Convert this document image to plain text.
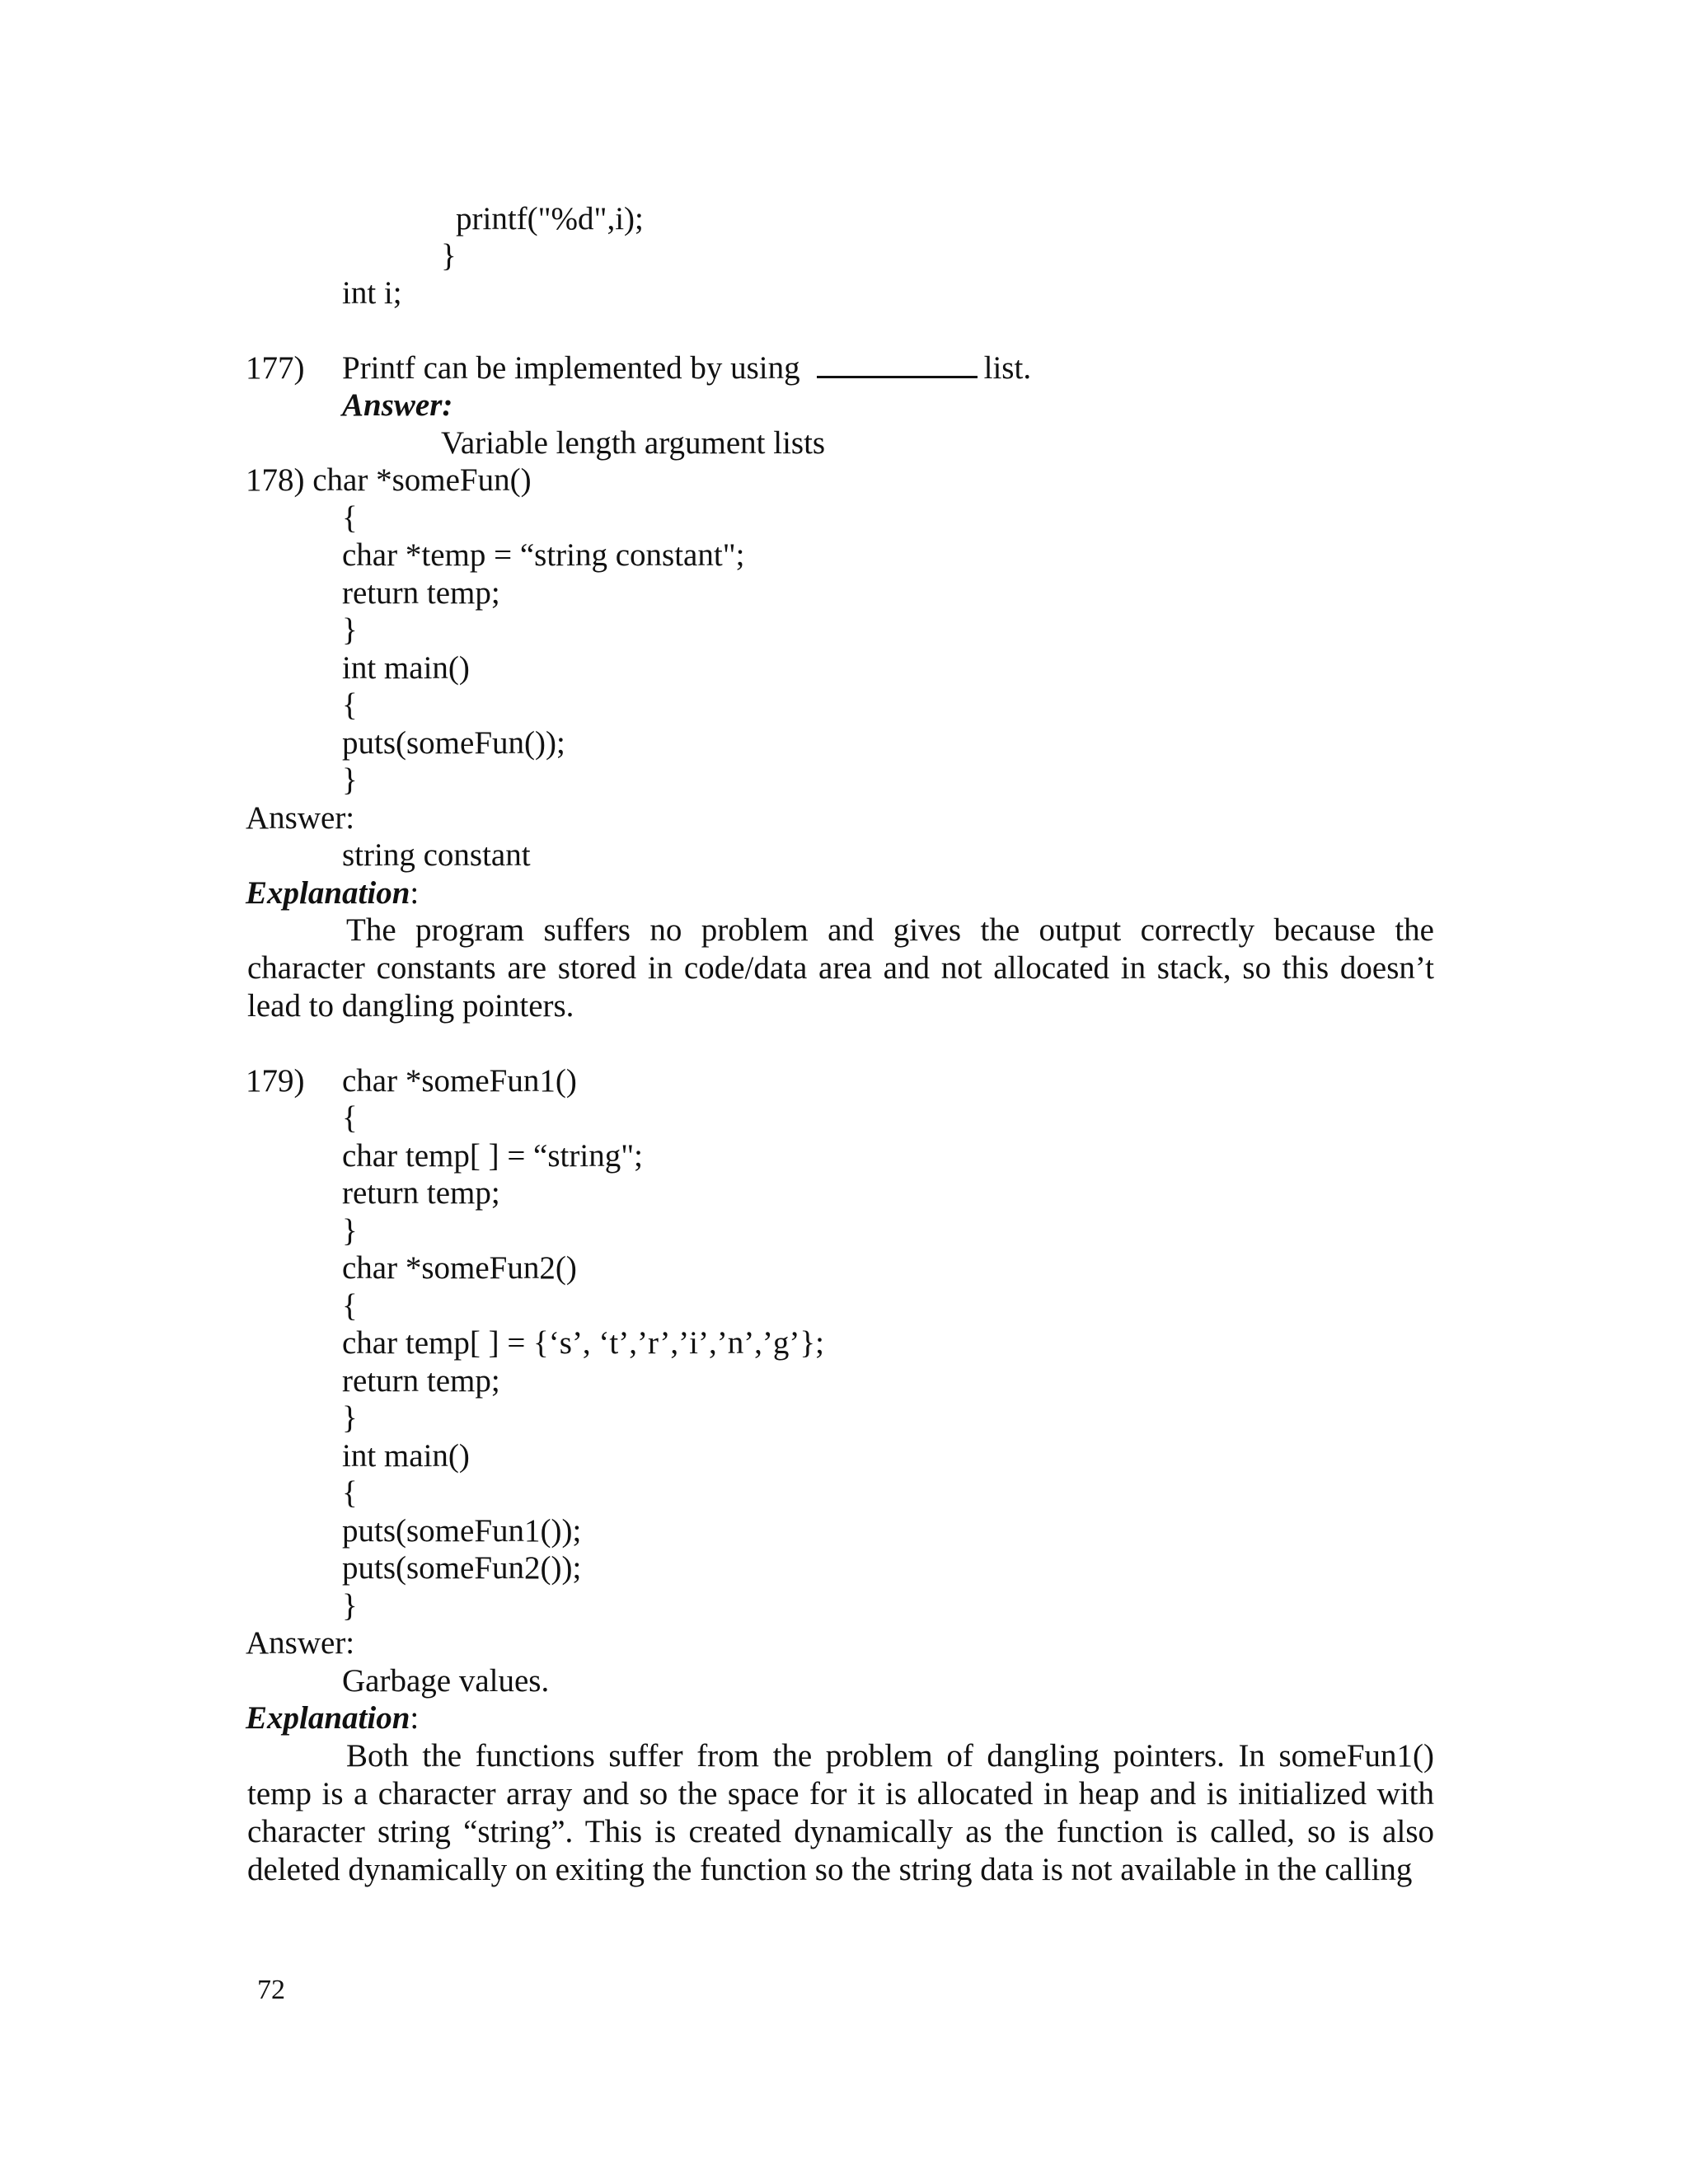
printf("%d",i);
}
int i;
177) Printf can be implemented by using	list.
Answer:
Variable length argument lists
178) char *someFun()
{
char *temp = “string constant";
return temp;
}
int main()
{
puts(someFun());
}
Answer:
string constant
Explanation:
The program suffers no problem and gives the output correctly because the character constants are stored in code/data area and not allocated in stack, so this doesn’t lead to dangling pointers.
179) char *someFun1()
{
char temp[ ] = “string";
return temp;
}
char *someFun2()
{
char temp[ ] = {‘s’, ‘t’,’r’,’i’,’n’,’g’};
return temp;
}
int main()
{
puts(someFun1());
puts(someFun2());
}
Answer:
Garbage values.
Explanation:
Both the functions suffer from the problem of dangling pointers. In someFun1() temp is a character array and so the space for it is allocated in heap and is initialized with character string “string”. This is created dynamically as the function is called, so is also deleted dynamically on exiting the function so the string data is not available in the calling
72
